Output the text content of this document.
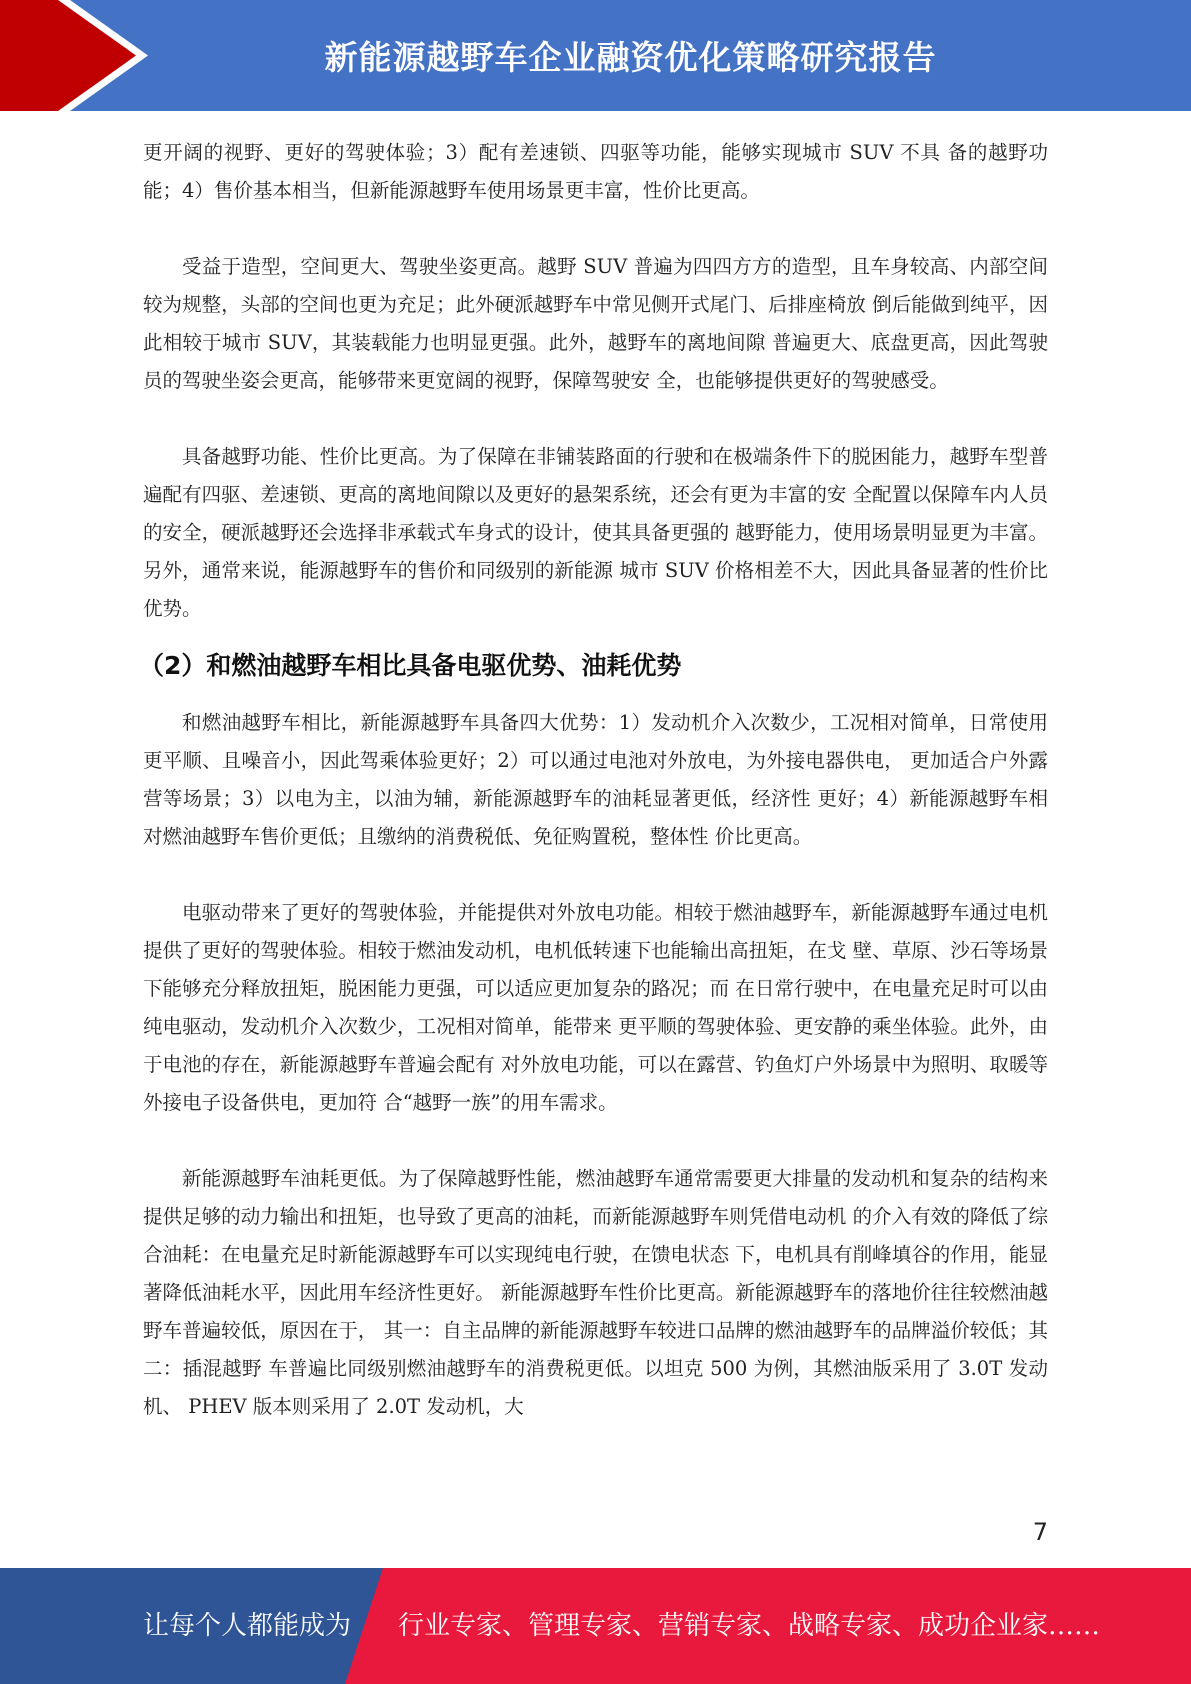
新能源越野车企业融资优化策略研究报告

更开阔的视野、更好的驾驶体验；3）配有差速锁、四驱等功能，能够实现城市 SUV 不具 备的越野功能；4）售价基本相当，但新能源越野车使用场景更丰富，性价比更高。

受益于造型，空间更大、驾驶坐姿更高。越野 SUV 普遍为四四方方的造型，且车身较高、内部空间较为规整，头部的空间也更为充足；此外硬派越野车中常见侧开式尾门、后排座椅放 倒后能做到纯平，因此相较于城市 SUV，其装载能力也明显更强。此外，越野车的离地间隙 普遍更大、底盘更高，因此驾驶员的驾驶坐姿会更高，能够带来更宽阔的视野，保障驾驶安 全，也能够提供更好的驾驶感受。

具备越野功能、性价比更高。为了保障在非铺装路面的行驶和在极端条件下的脱困能力，越野车型普遍配有四驱、差速锁、更高的离地间隙以及更好的悬架系统，还会有更为丰富的安 全配置以保障车内人员的安全，硬派越野还会选择非承载式车身式的设计，使其具备更强的 越野能力，使用场景明显更为丰富。另外，通常来说，能源越野车的售价和同级别的新能源 城市 SUV 价格相差不大，因此具备显著的性价比优势。

（2）和燃油越野车相比具备电驱优势、油耗优势

和燃油越野车相比，新能源越野车具备四大优势：1）发动机介入次数少，工况相对简单，日常使用更平顺、且噪音小，因此驾乘体验更好；2）可以通过电池对外放电，为外接电器供电， 更加适合户外露营等场景；3）以电为主，以油为辅，新能源越野车的油耗显著更低，经济性 更好；4）新能源越野车相对燃油越野车售价更低；且缴纳的消费税低、免征购置税，整体性 价比更高。

电驱动带来了更好的驾驶体验，并能提供对外放电功能。相较于燃油越野车，新能源越野车通过电机提供了更好的驾驶体验。相较于燃油发动机，电机低转速下也能输出高扭矩，在戈 壁、草原、沙石等场景下能够充分释放扭矩，脱困能力更强，可以适应更加复杂的路况；而 在日常行驶中，在电量充足时可以由纯电驱动，发动机介入次数少，工况相对简单，能带来 更平顺的驾驶体验、更安静的乘坐体验。此外，由于电池的存在，新能源越野车普遍会配有 对外放电功能，可以在露营、钓鱼灯户外场景中为照明、取暖等外接电子设备供电，更加符 合“越野一族”的用车需求。

新能源越野车油耗更低。为了保障越野性能，燃油越野车通常需要更大排量的发动机和复杂的结构来提供足够的动力输出和扭矩，也导致了更高的油耗，而新能源越野车则凭借电动机 的介入有效的降低了综合油耗：在电量充足时新能源越野车可以实现纯电行驶，在馈电状态 下，电机具有削峰填谷的作用，能显著降低油耗水平，因此用车经济性更好。 新能源越野车性价比更高。新能源越野车的落地价往往较燃油越野车普遍较低，原因在于， 其一：自主品牌的新能源越野车较进口品牌的燃油越野车的品牌溢价较低；其二：插混越野 车普遍比同级别燃油越野车的消费税更低。以坦克 500 为例，其燃油版采用了 3.0T 发动机、 PHEV 版本则采用了 2.0T 发动机，大

7
让每个人都能成为 行业专家、管理专家、营销专家、战略专家、成功企业家……
